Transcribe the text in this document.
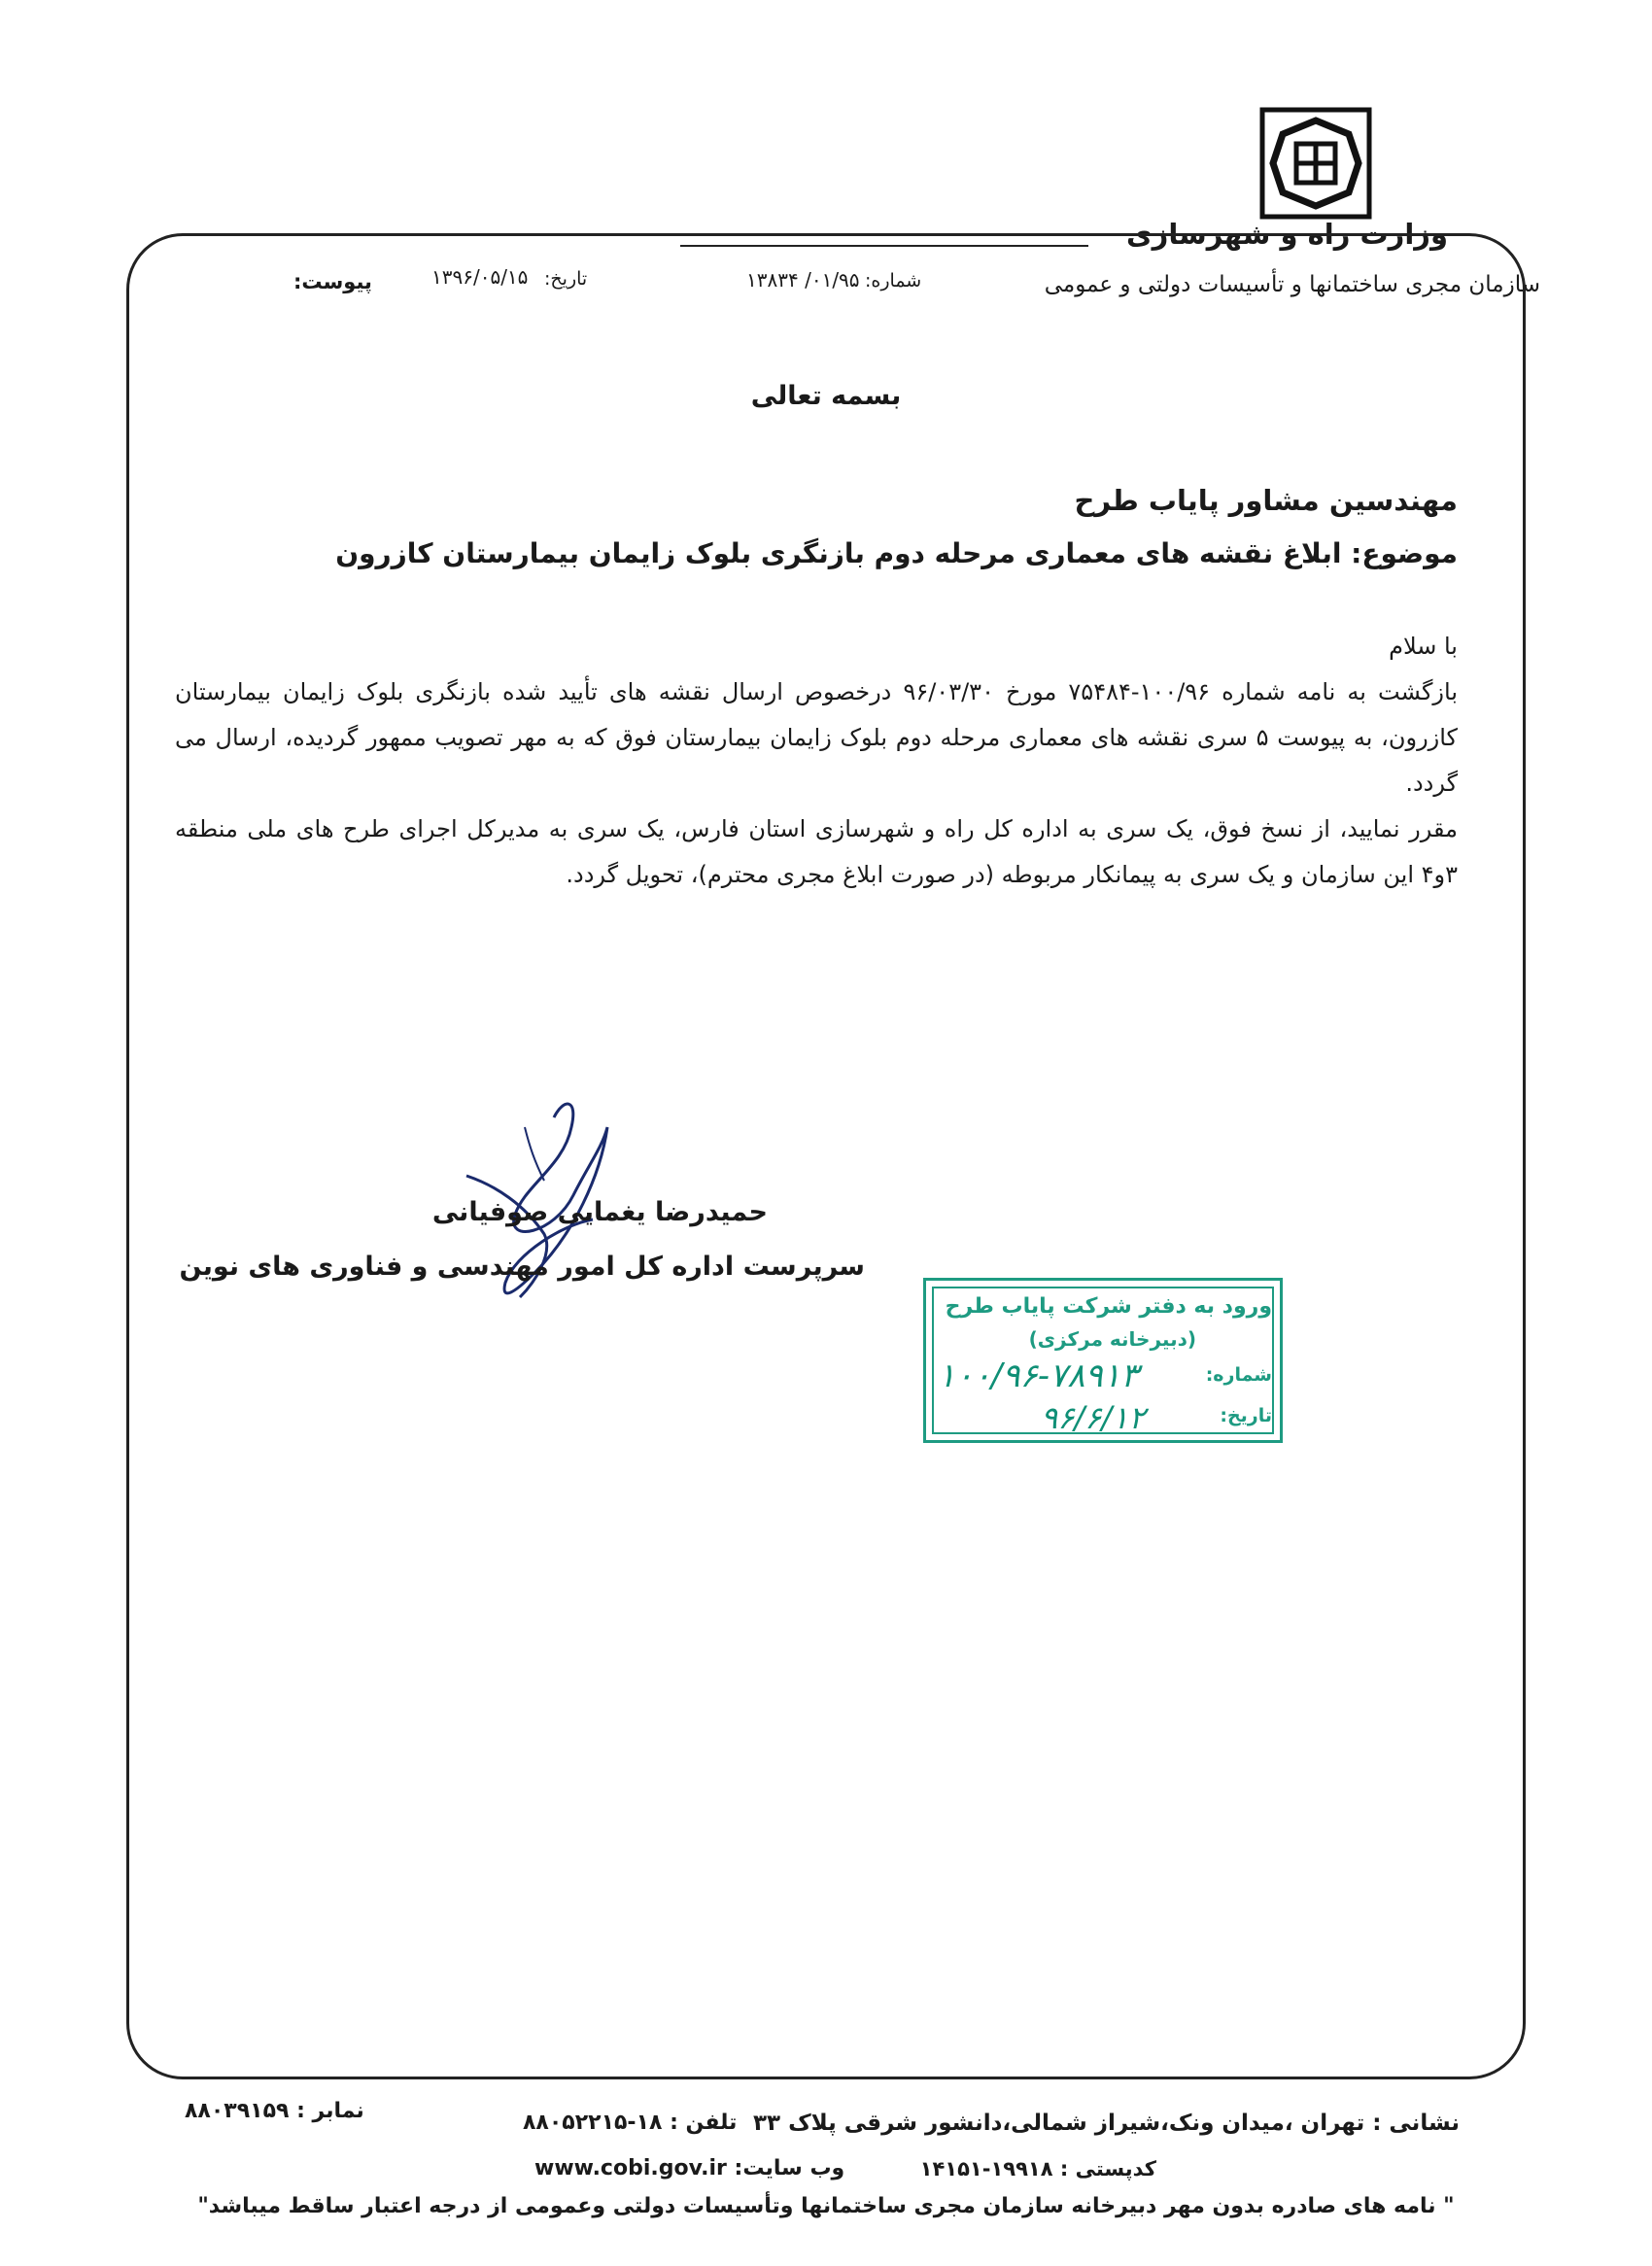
وزارت راه و شهرسازی
سازمان مجری ساختمانها و تأسیسات دولتی و عمومی
شماره:
۰۱/۹۵/ ۱۳۸۳۴
تاریخ:
۱۳۹۶/۰۵/۱۵
پیوست:
بسمه تعالی
مهندسین مشاور پایاب طرح
موضوع: ابلاغ نقشه های معماری مرحله دوم بازنگری بلوک زایمان بیمارستان کازرون

با سلام

بازگشت به نامه شماره ۱۰۰/۹۶-۷۵۴۸۴ مورخ ۹۶/۰۳/۳۰ درخصوص ارسال نقشه های تأیید شده بازنگری بلوک زایمان بیمارستان کازرون، به پیوست ۵ سری نقشه های معماری مرحله دوم بلوک زایمان بیمارستان فوق که به مهر تصویب ممهور گردیده، ارسال می گردد.

مقرر نمایید، از نسخ فوق، یک سری به اداره کل راه و شهرسازی استان فارس، یک سری به مدیرکل اجرای طرح های ملی منطقه ۳و۴ این سازمان و یک سری به پیمانکار مربوطه (در صورت ابلاغ مجری محترم)، تحویل گردد.

حمیدرضا یغمایی صوفیانی
سرپرست اداره کل امور مهندسی و فناوری های نوین
ورود به دفتر شرکت پایاب طرح
(دبیرخانه مرکزی)
شماره:
۱۰۰/۹۶-۷۸۹۱۳
تاریخ:
۹۶/۶/۱۲
نشانی : تهران ،میدان ونک،شیراز شمالی،دانشور شرقی پلاک ۳۳
کدپستی : ۱۹۹۱۸-۱۴۱۵۱
تلفن : ۱۸-۸۸۰۵۲۲۱۵
وب سایت: www.cobi.gov.ir
نمابر : ۸۸۰۳۹۱۵۹
" نامه های صادره بدون مهر دبیرخانه سازمان مجری ساختمانها وتأسیسات دولتی وعمومی از درجه اعتبار ساقط میباشد"
